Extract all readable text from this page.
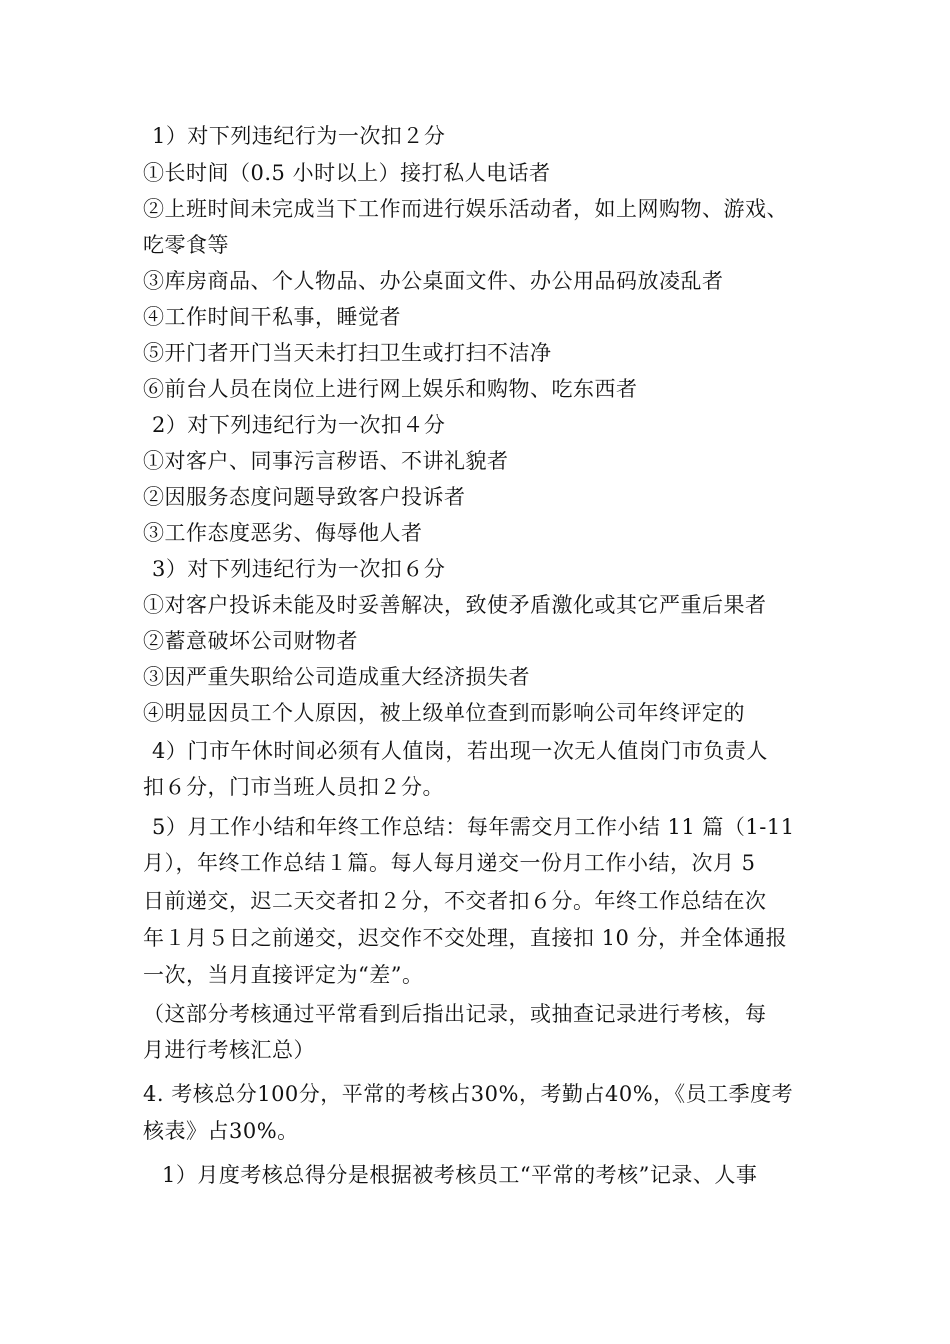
1）对下列违纪行为一次扣２分
①长时间（0.5 小时以上）接打私人电话者
②上班时间未完成当下工作而进行娱乐活动者，如上网购物、游戏、
吃零食等
③库房商品、个人物品、办公桌面文件、办公用品码放凌乱者
④工作时间干私事，睡觉者
⑤开门者开门当天未打扫卫生或打扫不洁净
⑥前台人员在岗位上进行网上娱乐和购物、吃东西者
2）对下列违纪行为一次扣４分
①对客户、同事污言秽语、不讲礼貌者
②因服务态度问题导致客户投诉者
③工作态度恶劣、侮辱他人者
3）对下列违纪行为一次扣６分
①对客户投诉未能及时妥善解决，致使矛盾激化或其它严重后果者
②蓄意破坏公司财物者
③因严重失职给公司造成重大经济损失者
④明显因员工个人原因，被上级单位查到而影响公司年终评定的
4）门市午休时间必须有人值岗，若出现一次无人值岗门市负责人
扣６分，门市当班人员扣２分。
5）月工作小结和年终工作总结：每年需交月工作小结 11 篇（1-11
月），年终工作总结１篇。每人每月递交一份月工作小结，次月 5
日前递交，迟二天交者扣２分，不交者扣６分。年终工作总结在次
年１月５日之前递交，迟交作不交处理，直接扣 10 分，并全体通报
一次，当月直接评定为“差”。
（这部分考核通过平常看到后指出记录，或抽查记录进行考核，每
月进行考核汇总）
4. 考核总分100分，平常的考核占30%，考勤占40%，《员工季度考
核表》占30%。
1）月度考核总得分是根据被考核员工“平常的考核”记录、人事
